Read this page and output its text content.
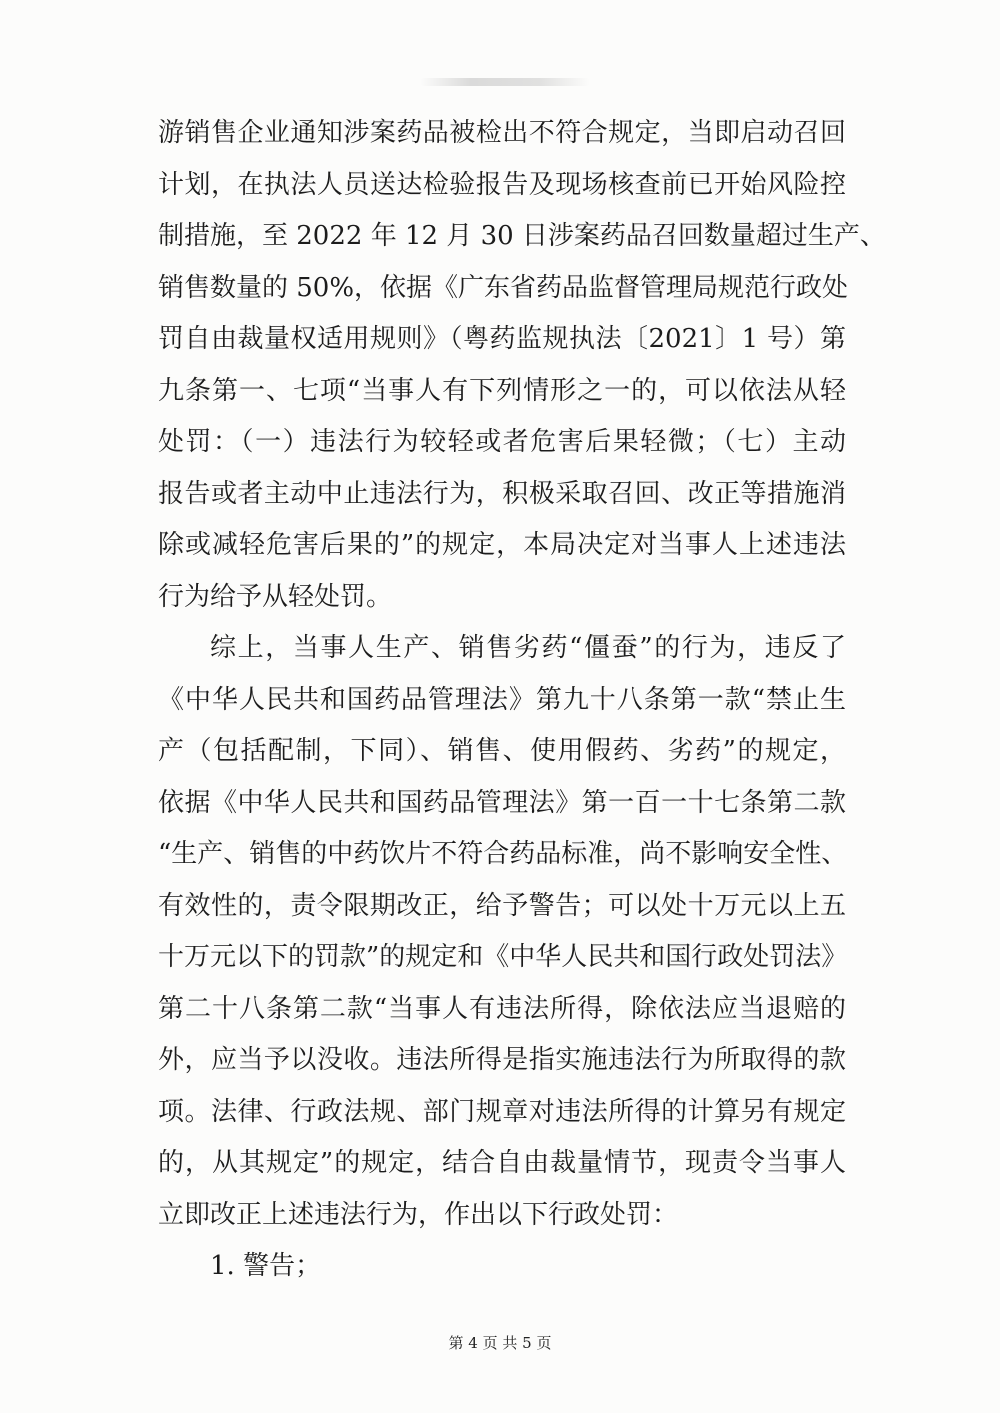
游销售企业通知涉案药品被检出不符合规定，当即启动召回
计划，在执法人员送达检验报告及现场核查前已开始风险控
制措施，至 2022 年 12 月 30 日涉案药品召回数量超过生产、
销售数量的 50%，依据《广东省药品监督管理局规范行政处
罚自由裁量权适用规则》（粤药监规执法〔2021〕1 号）第
九条第一、七项“当事人有下列情形之一的，可以依法从轻
处罚：（一）违法行为较轻或者危害后果轻微；（七）主动
报告或者主动中止违法行为，积极采取召回、改正等措施消
除或减轻危害后果的”的规定，本局决定对当事人上述违法
行为给予从轻处罚。
综上，当事人生产、销售劣药“僵蚕”的行为，违反了
《中华人民共和国药品管理法》第九十八条第一款“禁止生
产（包括配制，下同）、销售、使用假药、劣药”的规定，
依据《中华人民共和国药品管理法》第一百一十七条第二款
“生产、销售的中药饮片不符合药品标准，尚不影响安全性、
有效性的，责令限期改正，给予警告；可以处十万元以上五
十万元以下的罚款”的规定和《中华人民共和国行政处罚法》
第二十八条第二款“当事人有违法所得，除依法应当退赔的
外，应当予以没收。违法所得是指实施违法行为所取得的款
项。法律、行政法规、部门规章对违法所得的计算另有规定
的，从其规定”的规定，结合自由裁量情节，现责令当事人
立即改正上述违法行为，作出以下行政处罚：
1. 警告；
第 4 页 共 5 页
